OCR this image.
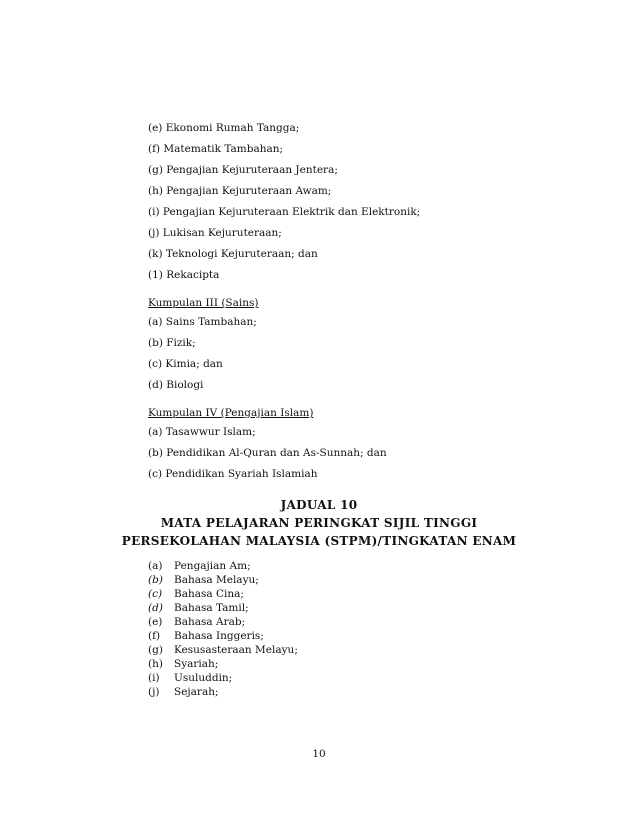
(e) Ekonomi Rumah Tangga;
(f) Matematik Tambahan;
(g) Pengajian Kejuruteraan Jentera;
(h) Pengajian Kejuruteraan Awam;
(i) Pengajian Kejuruteraan Elektrik dan Elektronik;
(j) Lukisan Kejuruteraan;
(k) Teknologi Kejuruteraan; dan
(1) Rekacipta
Kumpulan III (Sains)
(a) Sains Tambahan;
(b) Fizik;
(c) Kimia; dan
(d) Biologi
Kumpulan IV (Pengajian Islam)
(a) Tasawwur Islam;
(b) Pendidikan Al-Quran dan As-Sunnah; dan
(c) Pendidikan Syariah Islamiah
JADUAL 10
MATA PELAJARAN PERINGKAT SIJIL TINGGI
PERSEKOLAHAN MALAYSIA (STPM)/TINGKATAN ENAM
(a) Pengajian Am;
(b) Bahasa Melayu;
(c) Bahasa Cina;
(d) Bahasa Tamil;
(e) Bahasa Arab;
(f) Bahasa Inggeris;
(g) Kesusasteraan Melayu;
(h) Syariah;
(i) Usuluddin;
(j) Sejarah;
10
